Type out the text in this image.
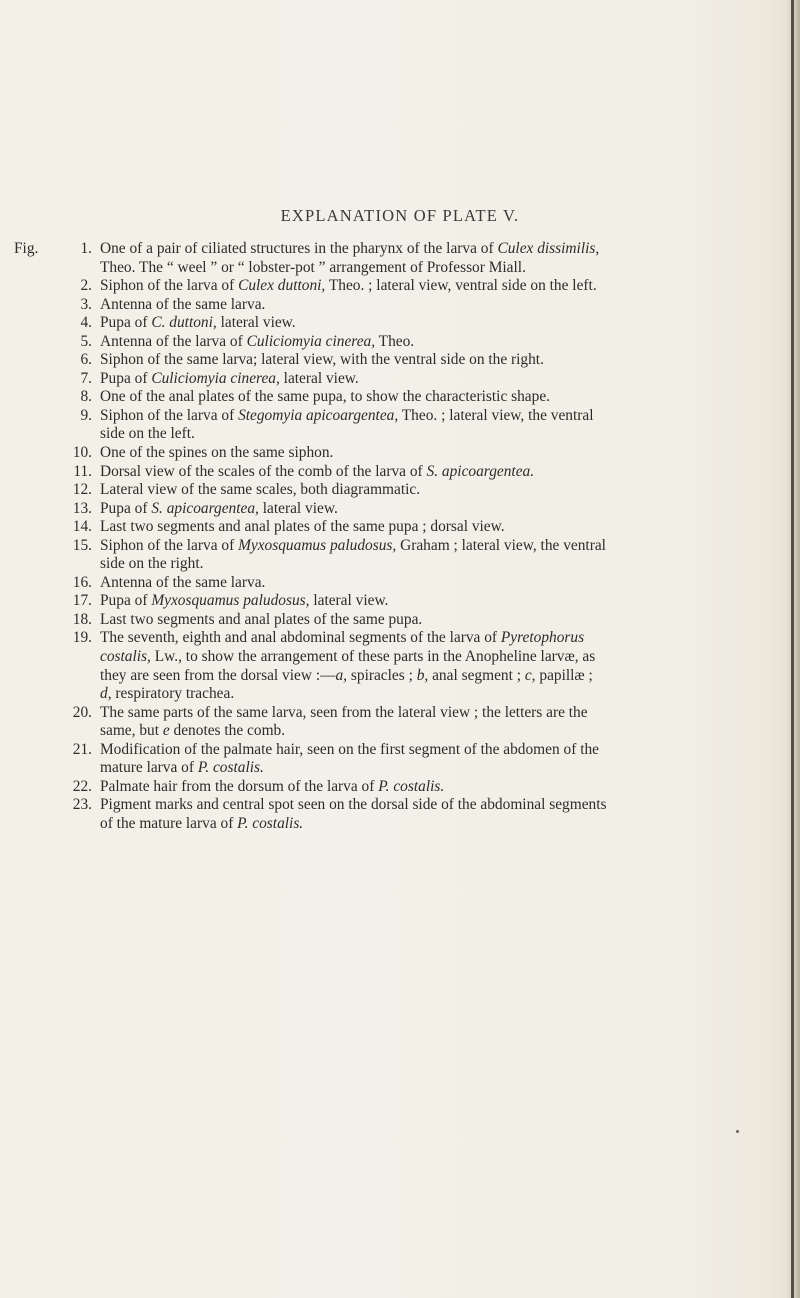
EXPLANATION OF PLATE V.
Fig.	1. One of a pair of ciliated structures in the pharynx of the larva of Culex dissimilis,
Theo. The “ weel ” or “ lobster-pot ” arrangement of Professor Miall.
2. Siphon of the larva of Culex duttoni, Theo. ; lateral view, ventral side on the left.
3. Antenna of the same larva.
4. Pupa of C. duttoni, lateral view.
5. Antenna of the larva of Culiciomyia cinerea, Theo.
6. Siphon of the same larva; lateral view, with the ventral side on the right.
7. Pupa of Culiciomyia cinerea, lateral view.
8. One of the anal plates of the same pupa, to show the characteristic shape.
9. Siphon of the larva of Stegomyia apicoargentea, Theo. ; lateral view, the ventral
side on the left.
10. One of the spines on the same siphon.
11. Dorsal view of the scales of the comb of the larva of S. apicoargentea.
12. Lateral view of the same scales, both diagrammatic.
13. Pupa of S. apicoargentea, lateral view.
14. Last two segments and anal plates of the same pupa ; dorsal view.
15. Siphon of the larva of Myxosquamus paludosus, Graham ; lateral view, the ventral
side on the right.
16. Antenna of the same larva.
17. Pupa of Myxosquamus paludosus, lateral view.
18. Last two segments and anal plates of the same pupa.
19. The seventh, eighth and anal abdominal segments of the larva of Pyretophorus
costalis, Lw., to show the arrangement of these parts in the Anopheline larvæ, as
they are seen from the dorsal view :—a, spiracles ; b, anal segment ; c, papillæ ;
d, respiratory trachea.
20. The same parts of the same larva, seen from the lateral view ; the letters are the
same, but e denotes the comb.
21. Modification of the palmate hair, seen on the first segment of the abdomen of the
mature larva of P. costalis.
22. Palmate hair from the dorsum of the larva of P. costalis.
23. Pigment marks and central spot seen on the dorsal side of the abdominal segments
of the mature larva of P. costalis.
